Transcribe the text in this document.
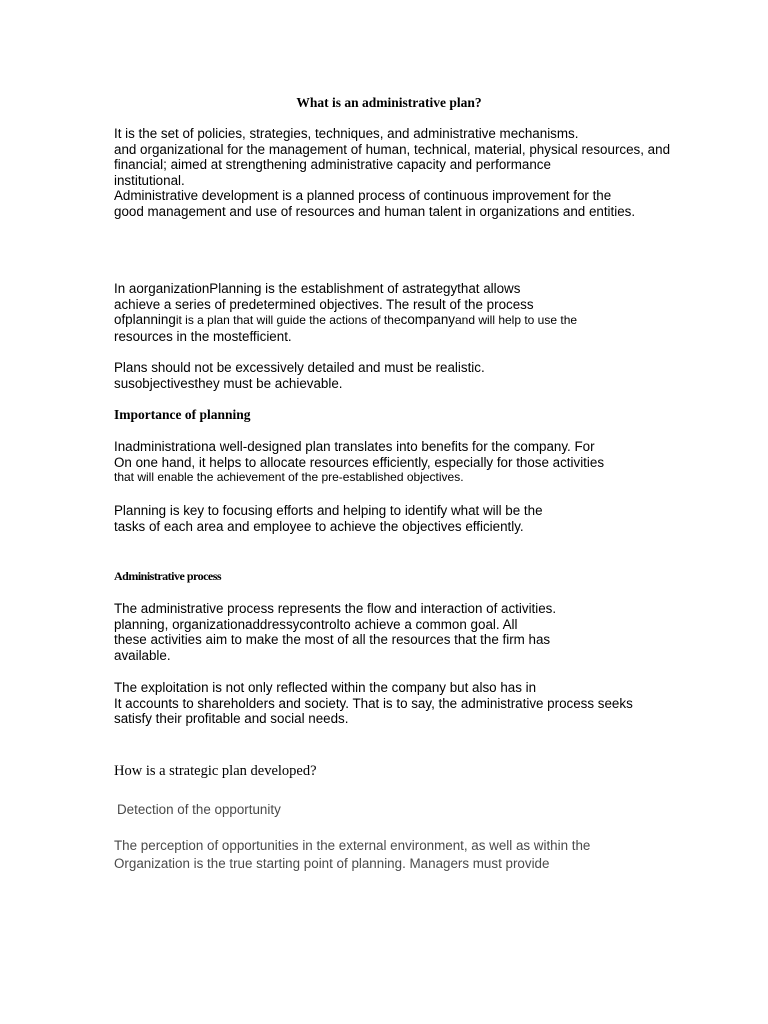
What is an administrative plan?

It is the set of policies, strategies, techniques, and administrative mechanisms.
and organizational for the management of human, technical, material, physical resources, and
financial; aimed at strengthening administrative capacity and performance
institutional.
Administrative development is a planned process of continuous improvement for the
good management and use of resources and human talent in organizations and entities.

In aorganizationPlanning is the establishment of astrategythat allows
achieve a series of predetermined objectives. The result of the process
ofplanningit is a plan that will guide the actions of thecompanyand will help to use the
resources in the mostefficient.

Plans should not be excessively detailed and must be realistic.
susobjectivesthey must be achievable.

Importance of planning

Inadministrationa well-designed plan translates into benefits for the company. For
On one hand, it helps to allocate resources efficiently, especially for those activities
that will enable the achievement of the pre-established objectives.

Planning is key to focusing efforts and helping to identify what will be the
tasks of each area and employee to achieve the objectives efficiently.

Administrative process

The administrative process represents the flow and interaction of activities.
planning, organizationaddressycontrolto achieve a common goal. All
these activities aim to make the most of all the resources that the firm has
available.

The exploitation is not only reflected within the company but also has in
It accounts to shareholders and society. That is to say, the administrative process seeks
satisfy their profitable and social needs.

How is a strategic plan developed?

Detection of the opportunity

The perception of opportunities in the external environment, as well as within the
Organization is the true starting point of planning. Managers must provide
